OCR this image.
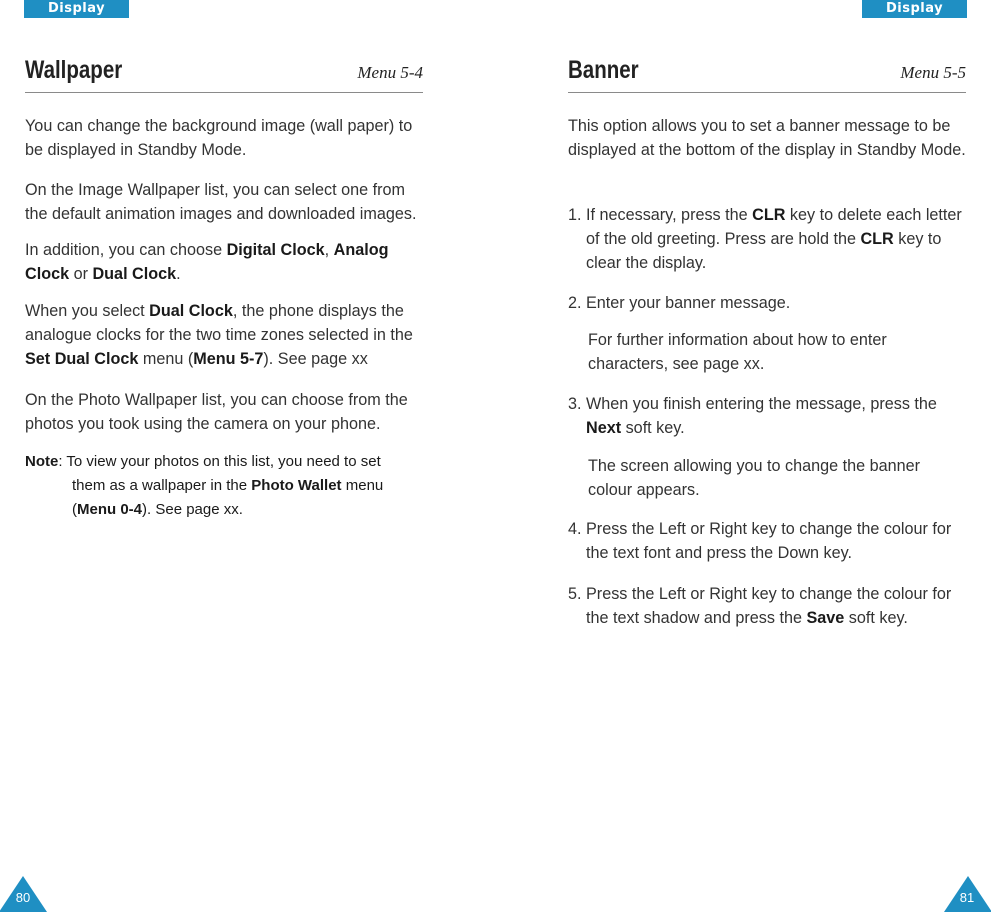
Display	Display
Wallpaper	Menu 5-4
You can change the background image (wall paper) to be displayed in Standby Mode.
On the Image Wallpaper list, you can select one from the default animation images and downloaded images.
In addition, you can choose Digital Clock, Analog Clock or Dual Clock.
When you select Dual Clock, the phone displays the analogue clocks for the two time zones selected in the Set Dual Clock menu (Menu 5-7). See page xx
On the Photo Wallpaper list, you can choose from the photos you took using the camera on your phone.
Note: To view your photos on this list, you need to set
them as a wallpaper in the Photo Wallet menu
(Menu 0-4). See page xx.
Banner	Menu 5-5
This option allows you to set a banner message to be displayed at the bottom of the display in Standby Mode.
1. If necessary, press the CLR key to delete each letter of the old greeting. Press are hold the CLR key to clear the display.
2. Enter your banner message.
For further information about how to enter characters, see page xx.
3. When you finish entering the message, press the Next soft key.
The screen allowing you to change the banner colour appears.
4. Press the Left or Right key to change the colour for the text font and press the Down key.
5. Press the Left or Right key to change the colour for the text shadow and press the Save soft key.
80	81
